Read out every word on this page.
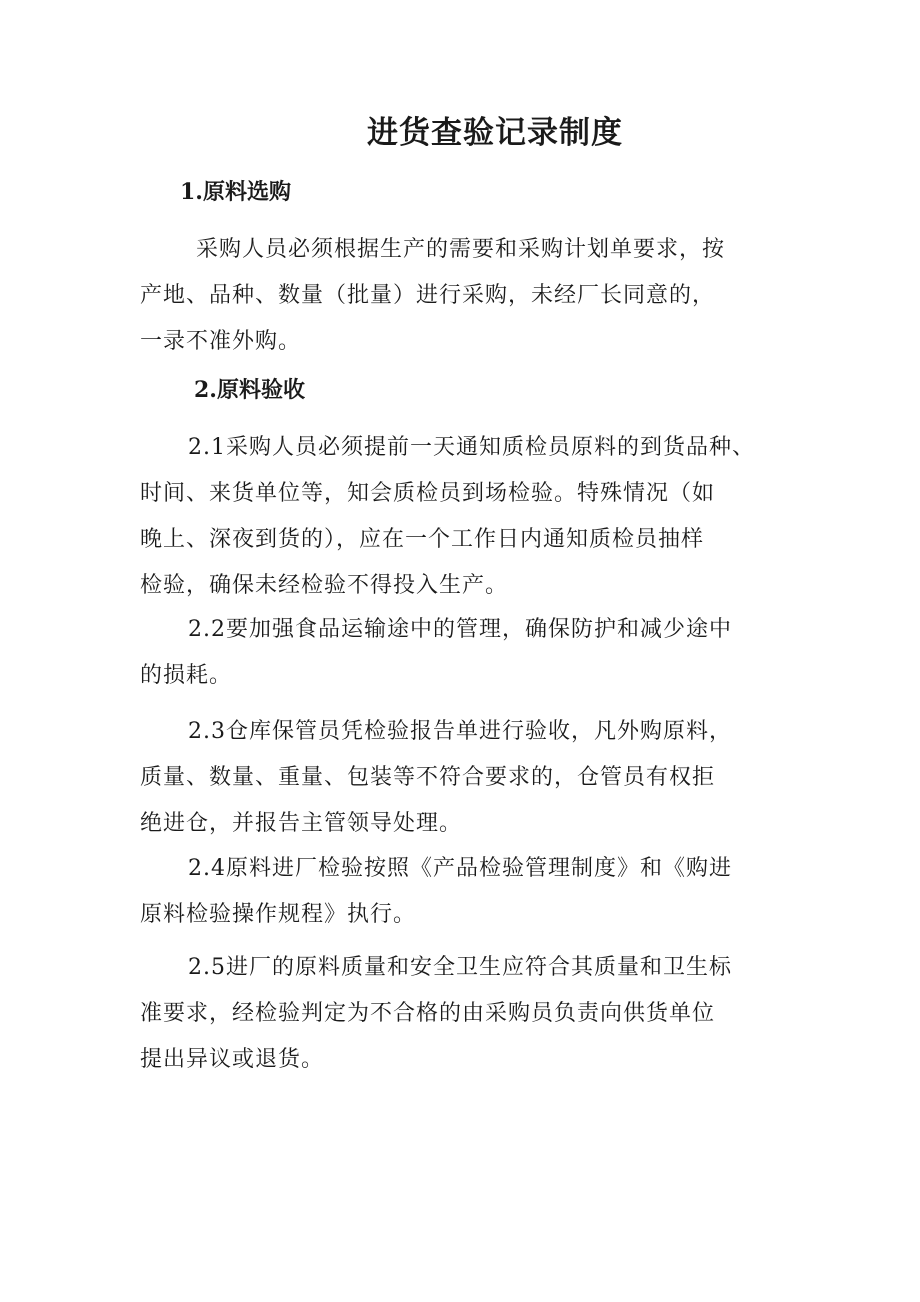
进货查验记录制度
1.原料选购
采购人员必须根据生产的需要和采购计划单要求，按
产地、品种、数量（批量）进行采购，未经厂长同意的，
一录不准外购。
2.原料验收
2.1采购人员必须提前一天通知质检员原料的到货品种、
时间、来货单位等，知会质检员到场检验。特殊情况（如
晚上、深夜到货的），应在一个工作日内通知质检员抽样
检验，确保未经检验不得投入生产。
2.2要加强食品运输途中的管理，确保防护和减少途中
的损耗。
2.3仓库保管员凭检验报告单进行验收，凡外购原料，
质量、数量、重量、包装等不符合要求的，仓管员有权拒
绝进仓，并报告主管领导处理。
2.4原料进厂检验按照《产品检验管理制度》和《购进
原料检验操作规程》执行。
2.5进厂的原料质量和安全卫生应符合其质量和卫生标
准要求，经检验判定为不合格的由采购员负责向供货单位
提出异议或退货。
